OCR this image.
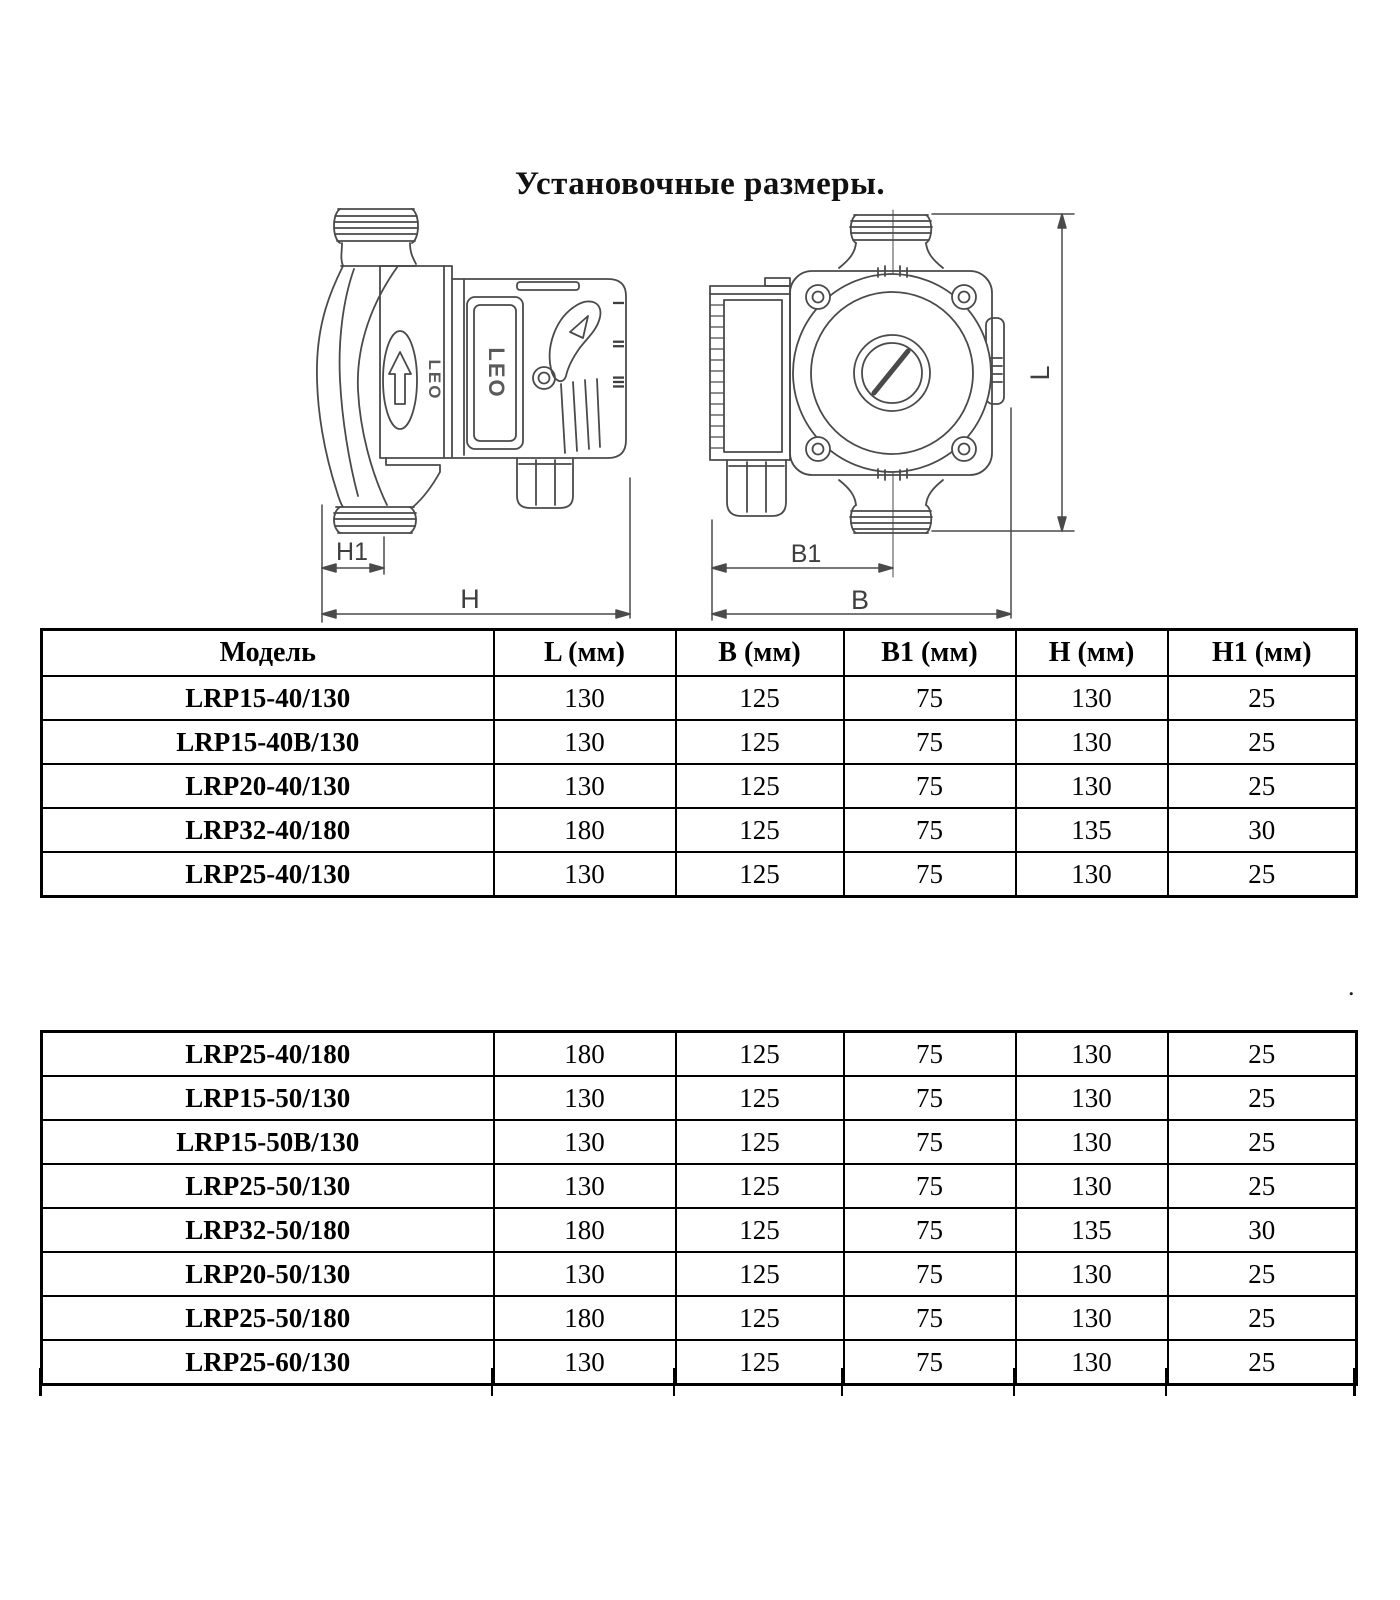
Установочные размеры.
LEO LEO
I
II
III
H1
H
B1
B
L
Модель	L (мм)	B (мм)	B1 (мм)	H (мм)	H1 (мм)
LRP15-40/130	130	125	75	130	25
LRP15-40B/130	130	125	75	130	25
LRP20-40/130	130	125	75	130	25
LRP32-40/180	180	125	75	135	30
LRP25-40/130	130	125	75	130	25
.
LRP25-40/180	180	125	75	130	25
LRP15-50/130	130	125	75	130	25
LRP15-50B/130	130	125	75	130	25
LRP25-50/130	130	125	75	130	25
LRP32-50/180	180	125	75	135	30
LRP20-50/130	130	125	75	130	25
LRP25-50/180	180	125	75	130	25
LRP25-60/130	130	125	75	130	25
